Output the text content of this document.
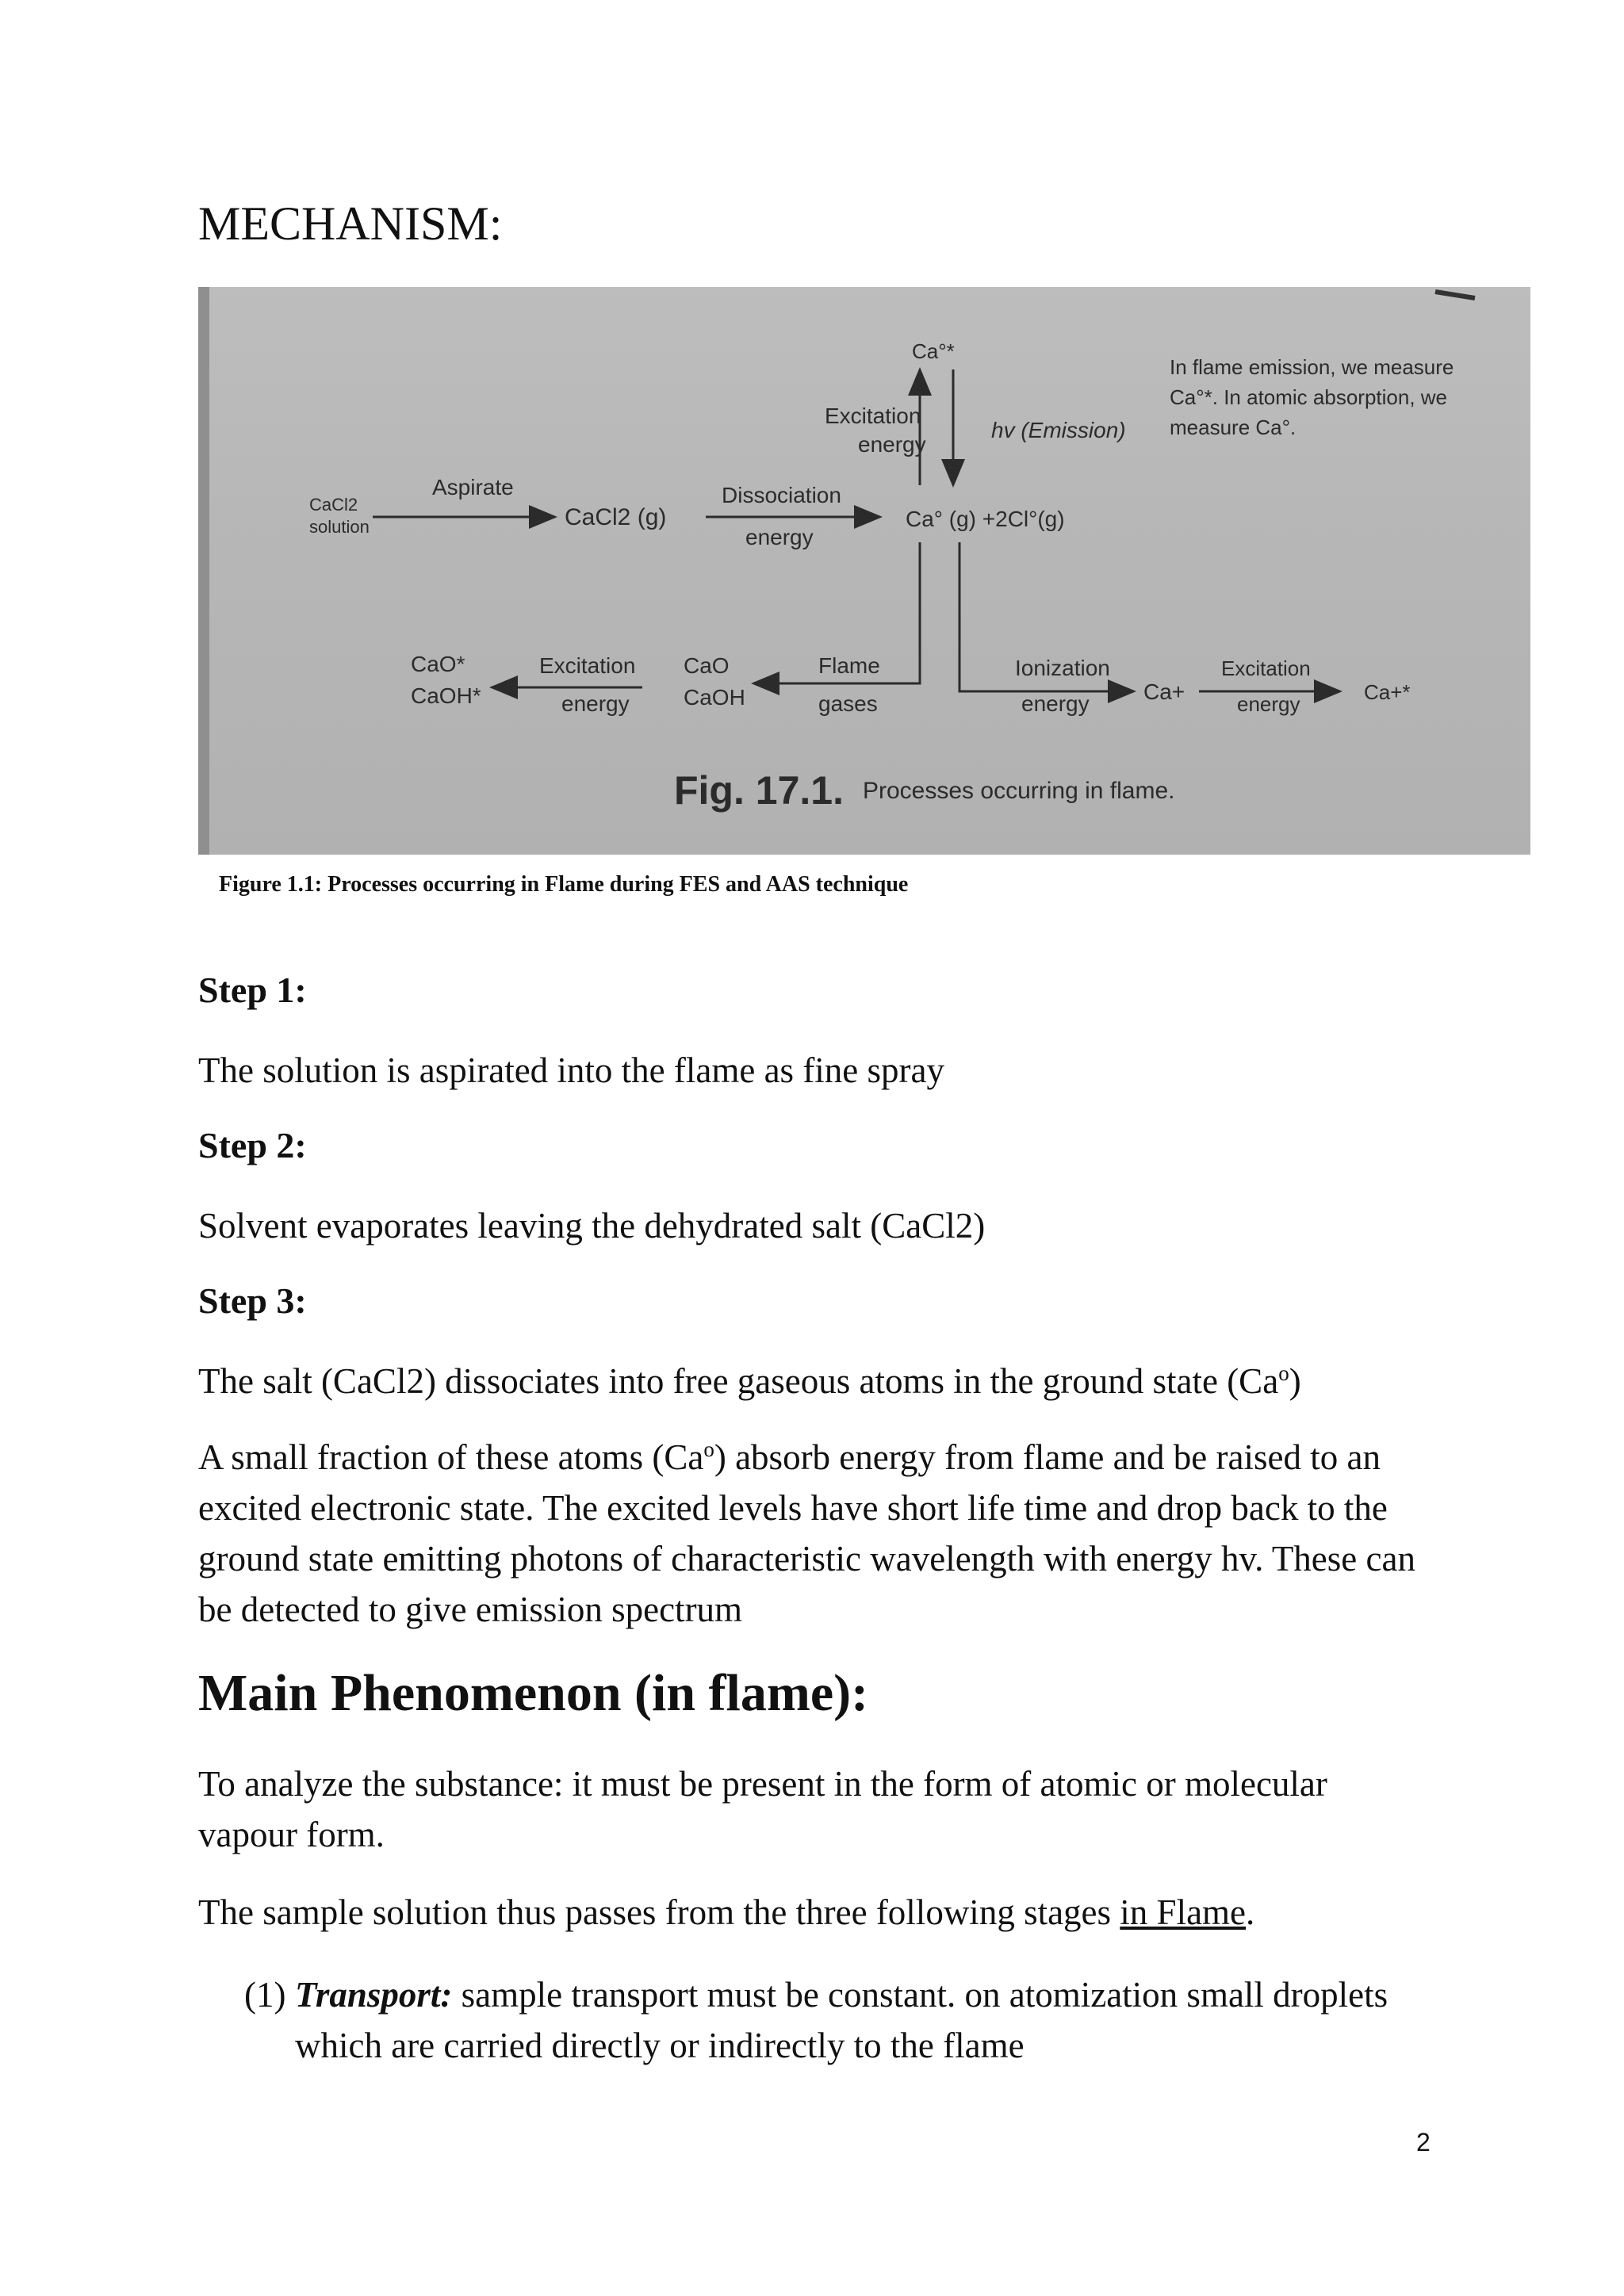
MECHANISM:
Ca°*
Excitation
energy
hv (Emission)
In flame emission, we measure
Ca°*. In atomic absorption, we
measure Ca°.
CaCl2
solution
Aspirate
CaCl2 (g)
Dissociation
energy
Ca° (g) +2Cl°(g)
CaO*
CaOH*
Excitation
energy
CaO
CaOH
Flame
gases
Ionization
energy Ca+
Excitation
energy	Ca+*
Fig. 17.1. Processes occurring in flame.
Figure 1.1: Processes occurring in Flame during FES and AAS technique
Step 1:

The solution is aspirated into the flame as fine spray

Step 2:

Solvent evaporates leaving the dehydrated salt (CaCl2)

Step 3:

The salt (CaCl2) dissociates into free gaseous atoms in the ground state (Ca$^o$)

A small fraction of these atoms (Ca$^o$) absorb energy from flame and be raised to an excited electronic state. The excited levels have short life time and drop back to the ground state emitting photons of characteristic wavelength with energy hv. These can be detected to give emission spectrum

Main Phenomenon (in flame):

To analyze the substance: it must be present in the form of atomic or molecular vapour form.

The sample solution thus passes from the three following stages in Flame.

(1) Transport: sample transport must be constant. on atomization small droplets which are carried directly or indirectly to the flame
2
